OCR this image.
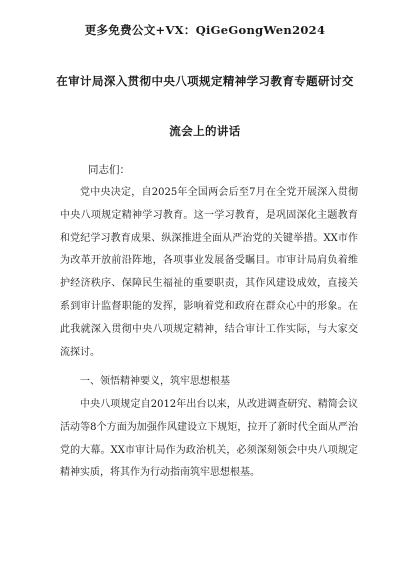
更多免费公文+VX：QiGeGongWen2024
在审计局深入贯彻中央八项规定精神学习教育专题研讨交
流会上的讲话
同志们：

党中央决定，自2025年全国两会后至7月在全党开展深入贯彻中央八项规定精神学习教育。这一学习教育，是巩固深化主题教育和党纪学习教育成果、纵深推进全面从严治党的关键举措。XX市作为改革开放前沿阵地，各项事业发展备受瞩目。市审计局肩负着维护经济秩序、保障民生福祉的重要职责，其作风建设成效，直接关系到审计监督职能的发挥，影响着党和政府在群众心中的形象。在此我就深入贯彻中央八项规定精神，结合审计工作实际，与大家交流探讨。

一、领悟精神要义，筑牢思想根基

中央八项规定自2012年出台以来，从改进调查研究、精简会议活动等8个方面为加强作风建设立下规矩，拉开了新时代全面从严治党的大幕。XX市审计局作为政治机关，必须深刻领会中央八项规定精神实质，将其作为行动指南筑牢思想根基。
